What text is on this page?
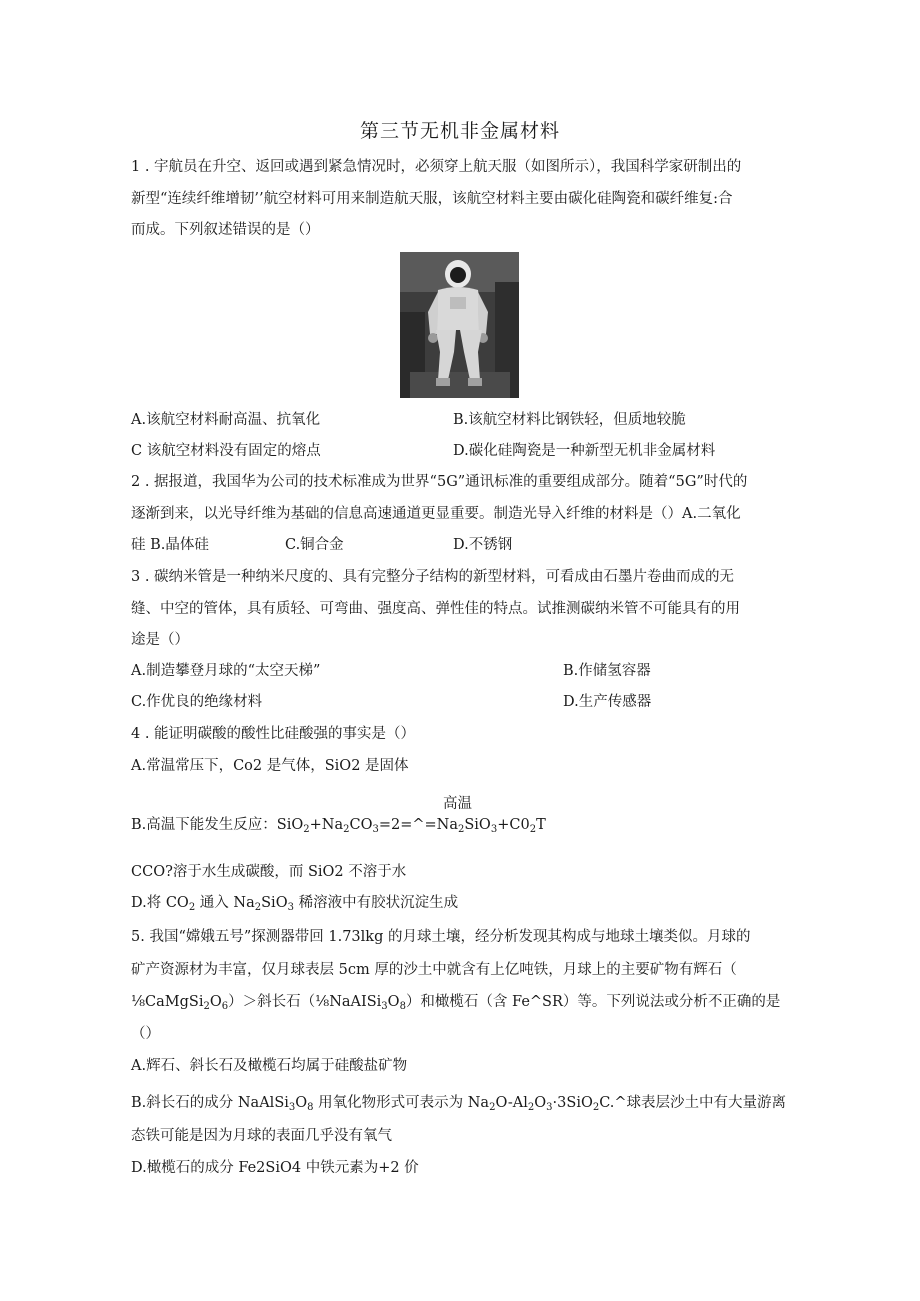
第三节无机非金属材料
1 . 宇航员在升空、返回或遇到紧急情况时，必须穿上航天服（如图所示），我国科学家研制出的
新型“连续纤维增韧’’航空材料可用来制造航天服，该航空材料主要由碳化硅陶瓷和碳纤维复:合
而成。下列叙述错误的是（）
A.该航空材料耐高温、抗氧化	B.该航空材料比钢铁轻，但质地较脆
C 该航空材料没有固定的熔点	D.碳化硅陶瓷是一种新型无机非金属材料
2 . 据报道，我国华为公司的技术标准成为世界“5G”通讯标准的重要组成部分。随着“5G”时代的
逐渐到来，以光导纤维为基础的信息高速通道更显重要。制造光导入纤维的材料是（）A.二氧化
硅 B.晶体硅	C.铜合金	D.不锈钢
3 . 碳纳米管是一种纳米尺度的、具有完整分子结构的新型材料，可看成由石墨片卷曲而成的无
缝、中空的管体，具有质轻、可弯曲、强度高、弹性佳的特点。试推测碳纳米管不可能具有的用
途是（）
A.制造攀登月球的“太空天梯”	B.作储氢容器
C.作优良的绝缘材料	D.生产传感器
4 . 能证明碳酸的酸性比硅酸强的事实是（）
A.常温常压下，Co2 是气体，SiO2 是固体
高温
B.高温下能发生反应：$SiO_2+Na_2CO_3=2=\^{}=Na_2SiO_3+C0_2T$
CCO?溶于水生成碳酸，而 SiO2 不溶于水
D.将 $CO_2$ 通入 $Na_2SiO_3$ 稀溶液中有胶状沉淀生成
5. 我国“嫦娥五号”探测器带回 1.73lkg 的月球土壤，经分析发现其构成与地球土壤类似。月球的
矿产资源材为丰富，仅月球表层 5cm 厚的沙土中就含有上亿吨铁，月球上的主要矿物有辉石（
$\frac{1}{8}CaMgSi_2O_6)>$斜长石$(\frac{1}{8}NaAISi_3O_8)$和橄榄石（含 Fe^SR）等。下列说法或分析不正确的是
（）
A.辉石、斜长石及橄榄石均属于硅酸盐矿物
B.斜长石的成分 $NaAlSi_3O_8$ 用氧化物形式可表示为 $Na_2O-Al_2O_3\cdot 3SiO_2C.\^{}$球表层沙土中有大量游离
态铁可能是因为月球的表面几乎没有氧气
D.橄榄石的成分 Fe2SiO4 中铁元素为+2 价
